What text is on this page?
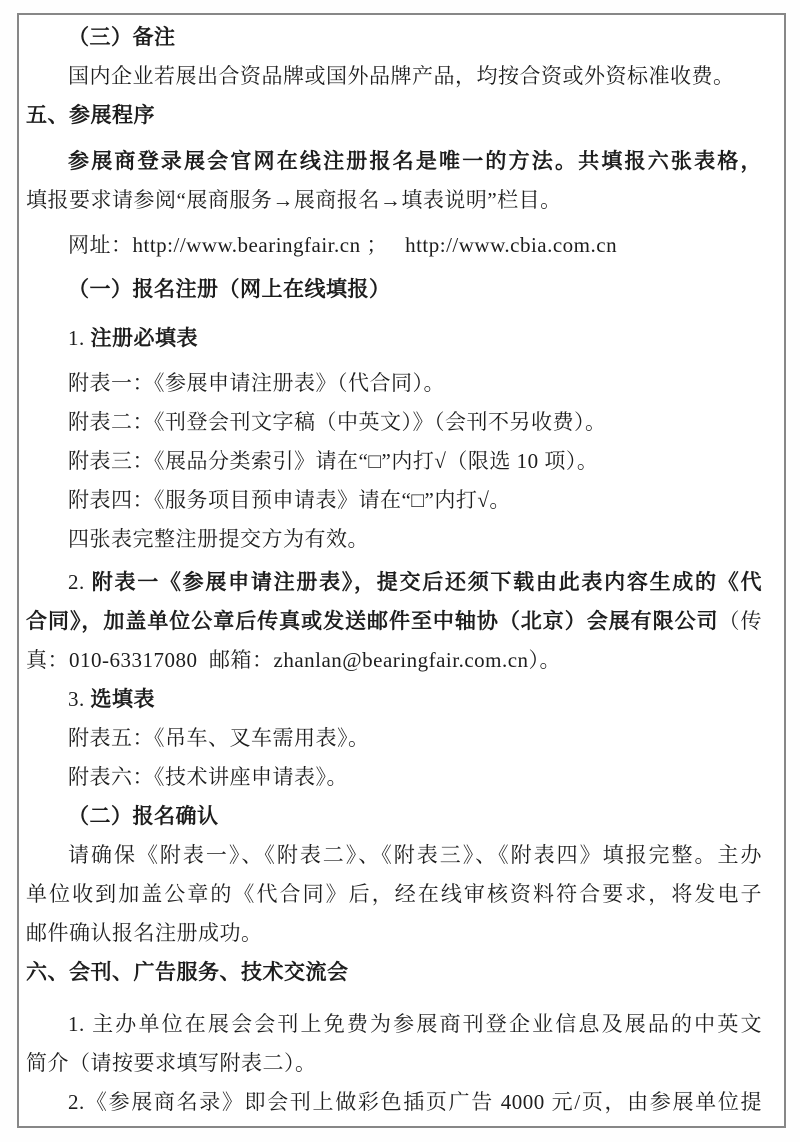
（三）备注
国内企业若展出合资品牌或国外品牌产品，均按合资或外资标准收费。
五、参展程序
参展商登录展会官网在线注册报名是唯一的方法。共填报六张表格，
填报要求请参阅“展商服务→展商报名→填表说明”栏目。
网址：http://www.bearingfair.cn ；   http://www.cbia.com.cn
（一）报名注册（网上在线填报）
1. 注册必填表
附表一：《参展申请注册表》（代合同）。
附表二：《刊登会刊文字稿（中英文）》（会刊不另收费）。
附表三：《展品分类索引》请在“□”内打√（限选 10 项）。
附表四：《服务项目预申请表》请在“□”内打√。
四张表完整注册提交方为有效。
2. 附表一《参展申请注册表》，提交后还须下载由此表内容生成的《代
合同》，加盖单位公章后传真或发送邮件至中轴协（北京）会展有限公司（传
真：010-63317080  邮箱：zhanlan@bearingfair.com.cn）。
3. 选填表
附表五：《吊车、叉车需用表》。
附表六：《技术讲座申请表》。
（二）报名确认
请确保《附表一》、《附表二》、《附表三》、《附表四》填报完整。主办
单位收到加盖公章的《代合同》后，经在线审核资料符合要求，将发电子
邮件确认报名注册成功。
六、会刊、广告服务、技术交流会
1. 主办单位在展会会刊上免费为参展商刊登企业信息及展品的中英文
简介（请按要求填写附表二）。
2.《参展商名录》即会刊上做彩色插页广告 4000 元/页，由参展单位提
